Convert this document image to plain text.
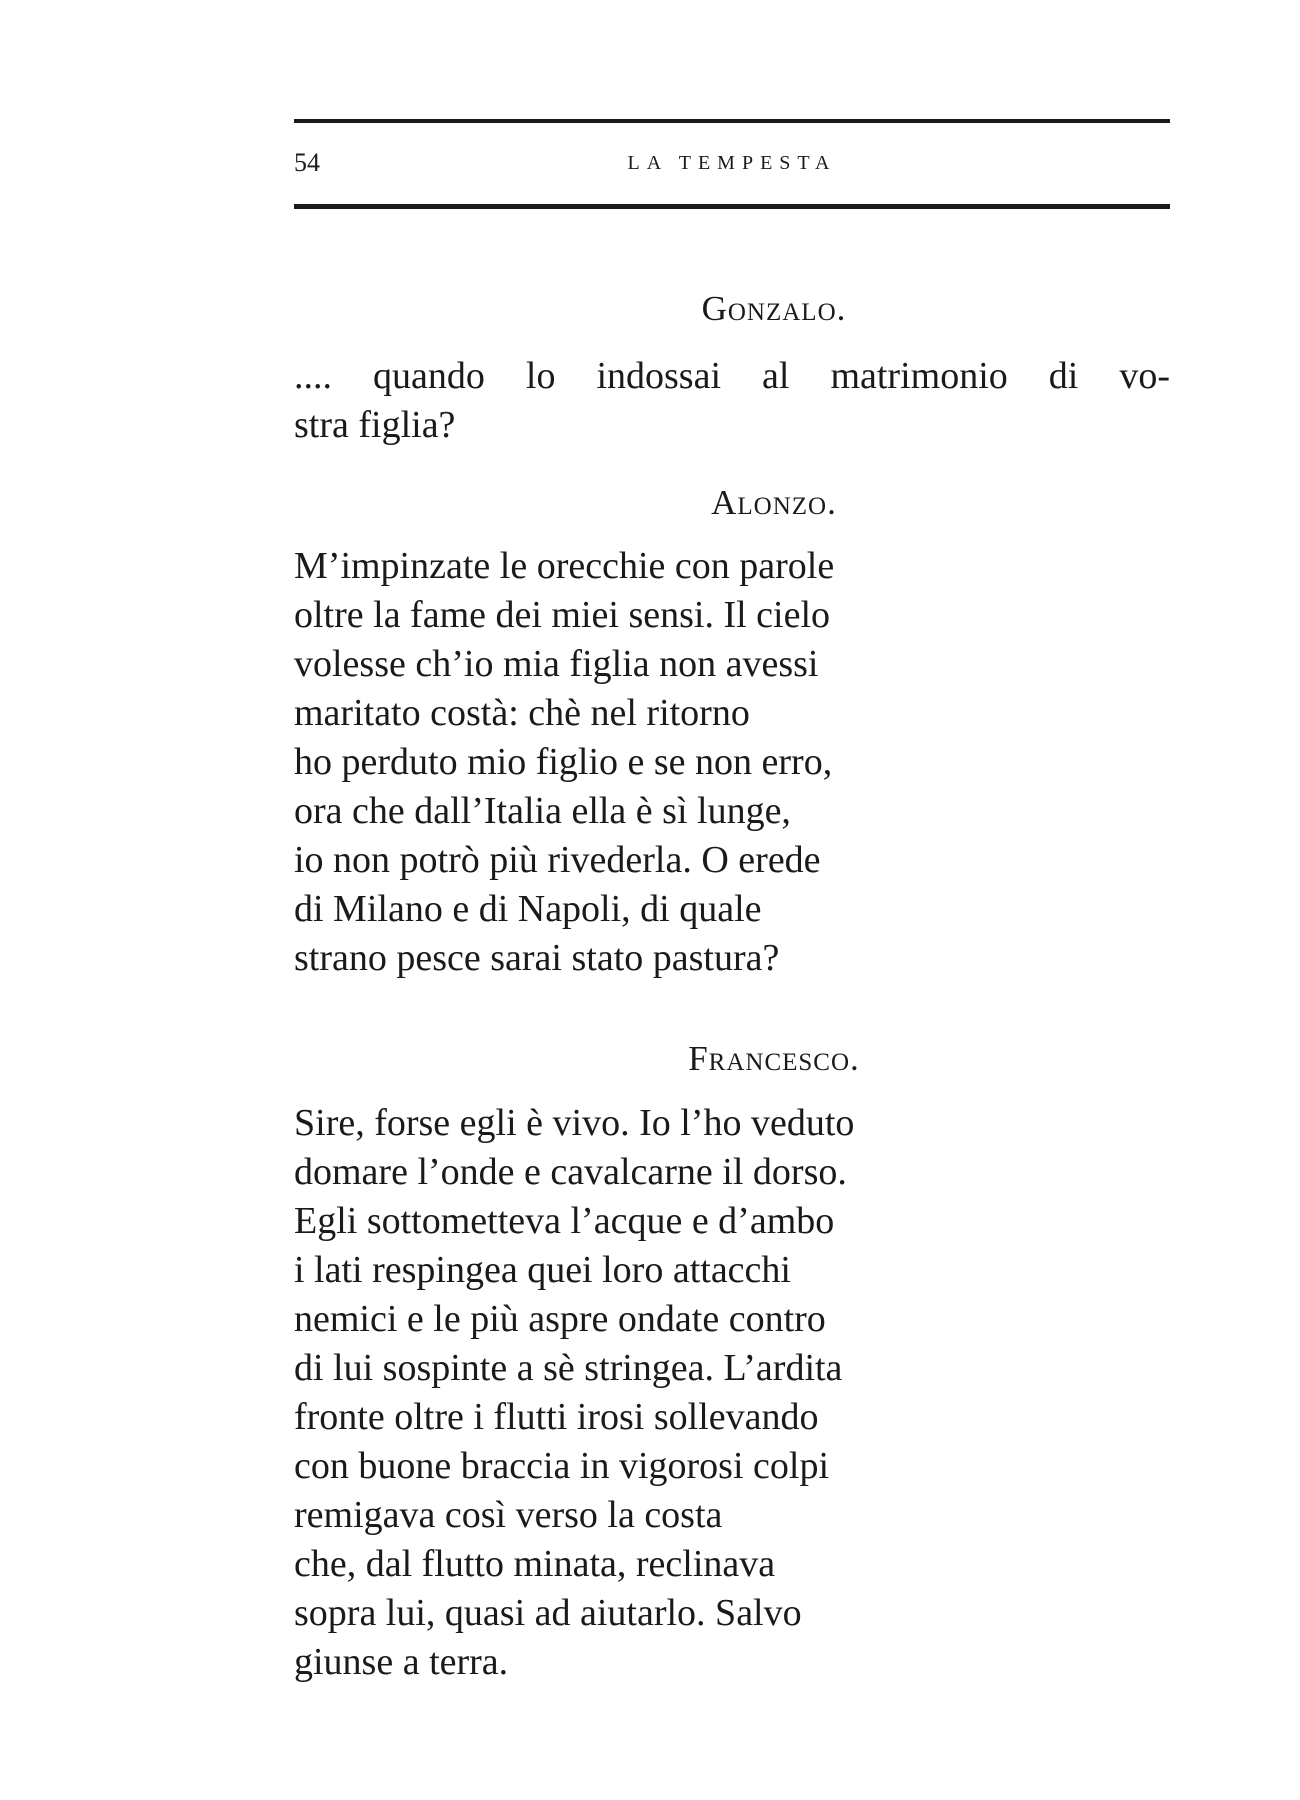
54	LA TEMPESTA
Gonzalo.
.... quando lo indossai al matrimonio di vo-
stra figlia?
Alonzo.
M’impinzate le orecchie con parole
oltre la fame dei miei sensi. Il cielo
volesse ch’io mia figlia non avessi
maritato costà: chè nel ritorno
ho perduto mio figlio e se non erro,
ora che dall’Italia ella è sì lunge,
io non potrò più rivederla. O erede
di Milano e di Napoli, di quale
strano pesce sarai stato pastura?
Francesco.
Sire, forse egli è vivo. Io l’ho veduto
domare l’onde e cavalcarne il dorso.
Egli sottometteva l’acque e d’ambo
i lati respingea quei loro attacchi
nemici e le più aspre ondate contro
di lui sospinte a sè stringea. L’ardita
fronte oltre i flutti irosi sollevando
con buone braccia in vigorosi colpi
remigava così verso la costa
che, dal flutto minata, reclinava
sopra lui, quasi ad aiutarlo. Salvo
giunse a terra.
